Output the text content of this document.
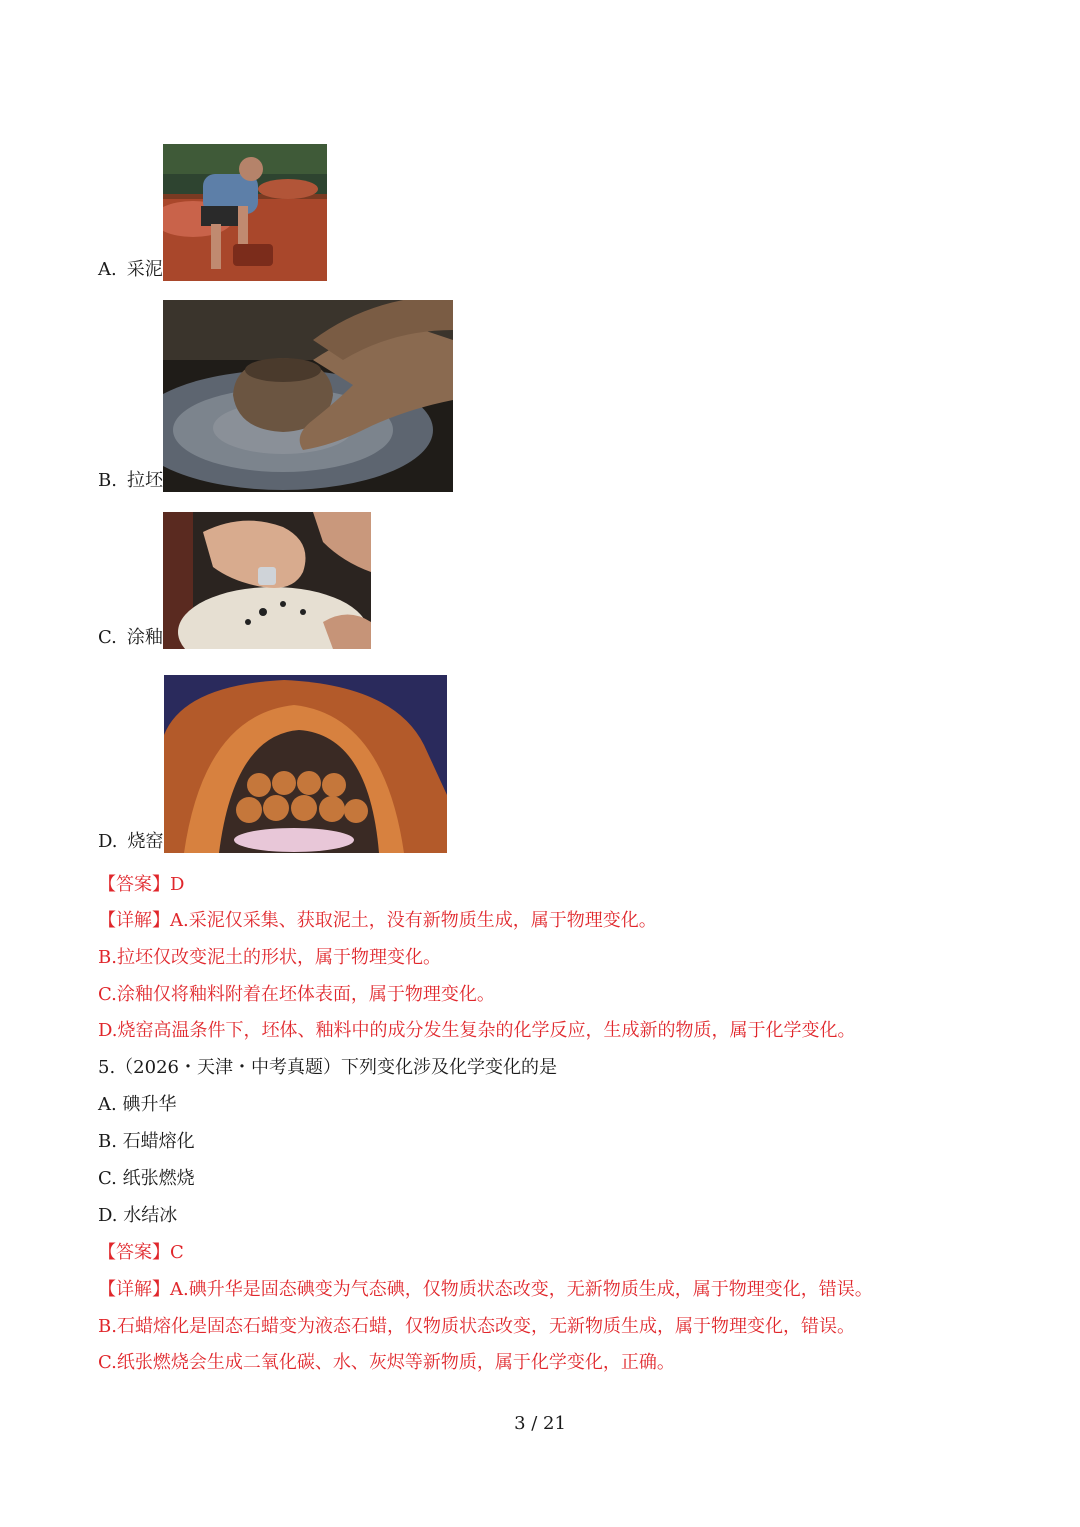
A. 采泥
B. 拉坯
C. 涂釉
D. 烧窑
【答案】D
【详解】A.采泥仅采集、获取泥土，没有新物质生成，属于物理变化。
B.拉坯仅改变泥土的形状，属于物理变化。
C.涂釉仅将釉料附着在坯体表面，属于物理变化。
D.烧窑高温条件下，坯体、釉料中的成分发生复杂的化学反应，生成新的物质，属于化学变化。
5.（2026・天津・中考真题）下列变化涉及化学变化的是
A. 碘升华
B. 石蜡熔化
C. 纸张燃烧
D. 水结冰
【答案】C
【详解】A.碘升华是固态碘变为气态碘，仅物质状态改变，无新物质生成，属于物理变化，错误。
B.石蜡熔化是固态石蜡变为液态石蜡，仅物质状态改变，无新物质生成，属于物理变化，错误。
C.纸张燃烧会生成二氧化碳、水、灰烬等新物质，属于化学变化，正确。
3 / 21
